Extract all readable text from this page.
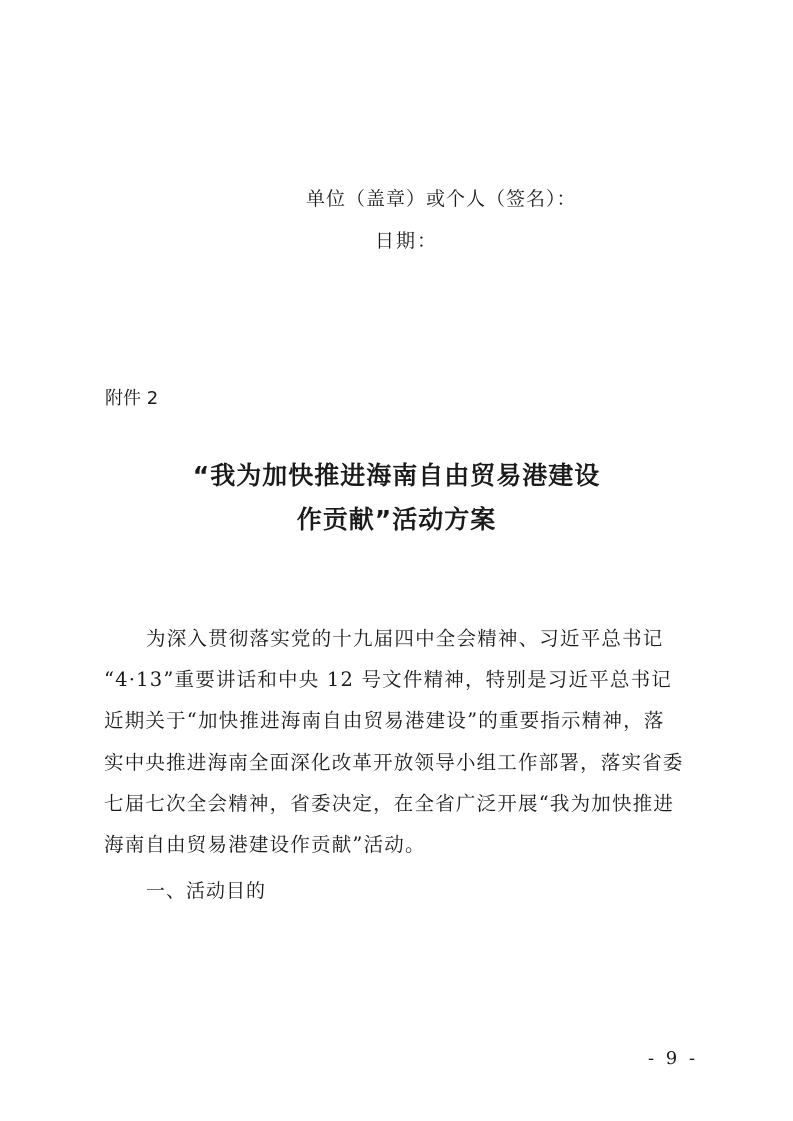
单位（盖章）或个人（签名）：
日期：
附件 2
“我为加快推进海南自由贸易港建设
作贡献”活动方案
为深入贯彻落实党的十九届四中全会精神、习近平总书记
“4·13”重要讲话和中央 12 号文件精神，特别是习近平总书记
近期关于“加快推进海南自由贸易港建设”的重要指示精神，落
实中央推进海南全面深化改革开放领导小组工作部署，落实省委
七届七次全会精神，省委决定，在全省广泛开展“我为加快推进
海南自由贸易港建设作贡献”活动。
一、活动目的
- 9 -
